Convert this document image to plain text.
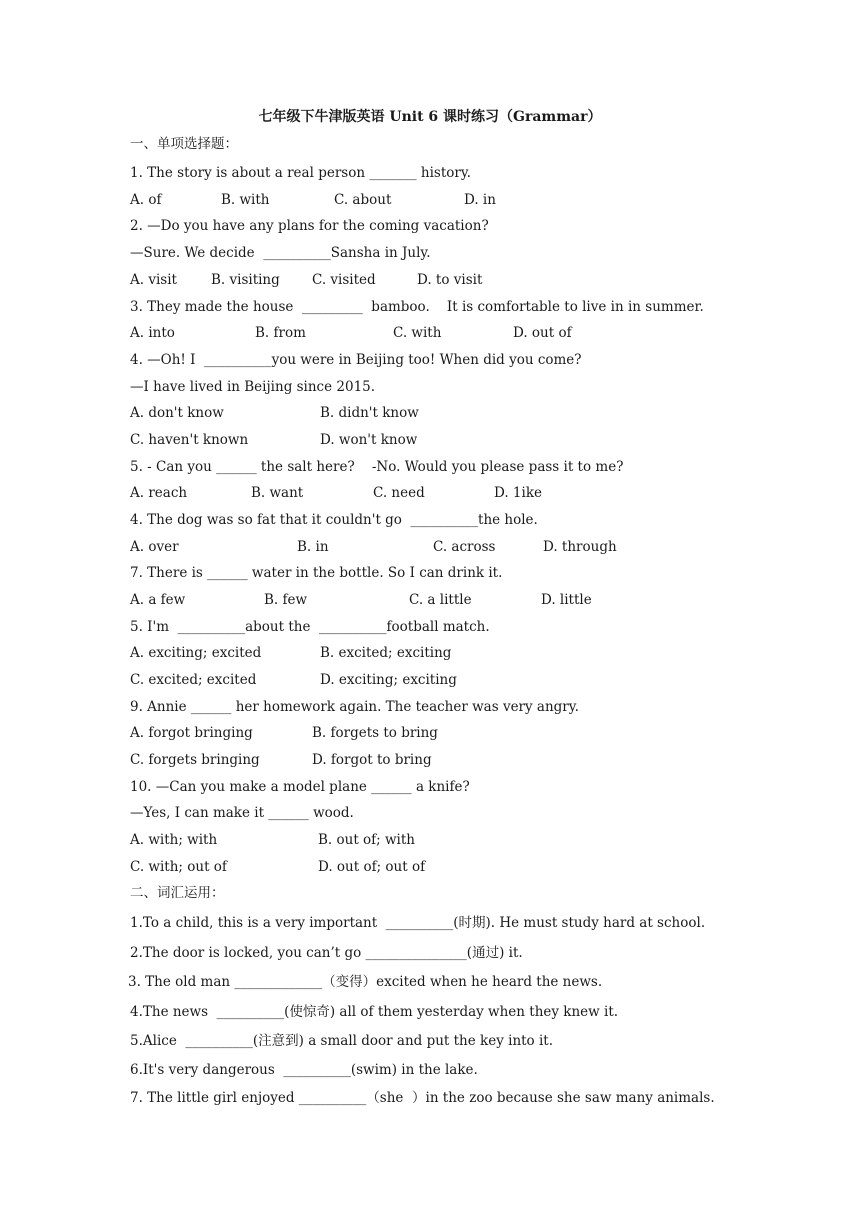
七年级下牛津版英语 Unit 6 课时练习（Grammar）
一、单项选择题：
1. The story is about a real person _______ history.
A. of	B. with	C. about	D. in
2. —Do you have any plans for the coming vacation?
—Sure. We decide  __________Sansha in July.
A. visit	B. visiting C. visited	D. to visit
3. They made the house  _________  bamboo.    It is comfortable to live in in summer.
A. into	B. from	C. with	D. out of
4. —Oh! I  __________you were in Beijing too! When did you come?
—I have lived in Beijing since 2015.
A. don't know	B. didn't know
C. haven't known	D. won't know
5. - Can you ______ the salt here?    -No. Would you please pass it to me?
A. reach	B. want	C. need	D. 1ike
4. The dog was so fat that it couldn't go  __________the hole.
A. over	B. in	C. across	D. through
7. There is ______ water in the bottle. So I can drink it.
A. a few	B. few	C. a little	D. little
5. I'm  __________about the  __________football match.
A. exciting; excited	B. excited; exciting
C. excited; excited	D. exciting; exciting
9. Annie ______ her homework again. The teacher was very angry.
A. forgot bringing	B. forgets to bring
C. forgets bringing	D. forgot to bring
10. —Can you make a model plane ______ a knife?
—Yes, I can make it ______ wood.
A. with; with	B. out of; with
C. with; out of	D. out of; out of
二、词汇运用：
1.To a child, this is a very important  __________(时期). He must study hard at school.
2.The door is locked, you can’t go _______________(通过) it.
3. The old man _____________（变得）excited when he heard the news.
4.The news  __________(使惊奇) all of them yesterday when they knew it.
5.Alice  __________(注意到) a small door and put the key into it.
6.It's very dangerous  __________(swim) in the lake.
7. The little girl enjoyed __________（she  ）in the zoo because she saw many animals.
